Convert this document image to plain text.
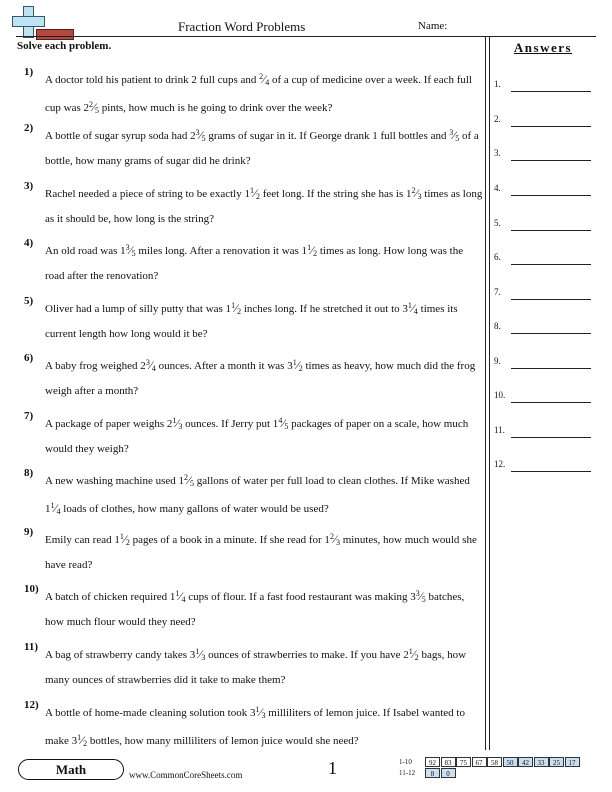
Fraction Word Problems	Name:
Solve each problem.	Answers
1)
A doctor told his patient to drink 2 full cups and $^2$⁄4 of a cup of medicine over a week. If each full cup was $2^2⁄5$ pints, how much is he going to drink over the week?
2)
A bottle of sugar syrup soda had $2^3⁄5$ grams of sugar in it. If George drank 1 full bottles and $^3$⁄5 of a bottle, how many grams of sugar did he drink?
3)
Rachel needed a piece of string to be exactly $1^1⁄2$ feet long. If the string she has is $1^2⁄3$ times as long as it should be, how long is the string?
4)
An old road was $1^3⁄5$ miles long. After a renovation it was $1^1⁄2$ times as long. How long was the road after the renovation?
5)
Oliver had a lump of silly putty that was $1^1⁄2$ inches long. If he stretched it out to $3^1⁄4$ times its current length how long would it be?
6)
A baby frog weighed $2^3⁄4$ ounces. After a month it was $3^1⁄2$ times as heavy, how much did the frog weigh after a month?
7)
A package of paper weighs $2^1⁄3$ ounces. If Jerry put $1^4⁄5$ packages of paper on a scale, how much would they weigh?
8)
A new washing machine used $1^2⁄5$ gallons of water per full load to clean clothes. If Mike washed $1^1⁄4$ loads of clothes, how many gallons of water would be used?
9)
Emily can read $1^1⁄2$ pages of a book in a minute. If she read for $1^2⁄3$ minutes, how much would she have read?
10)
A batch of chicken required $1^1⁄4$ cups of flour. If a fast food restaurant was making $3^3⁄5$ batches, how much flour would they need?
11)
A bag of strawberry candy takes $3^1⁄3$ ounces of strawberries to make. If you have $2^1⁄2$ bags, how many ounces of strawberries did it take to make them?
12)
A bottle of home-made cleaning solution took $3^1⁄3$ milliliters of lemon juice. If Isabel wanted to make $3^1⁄2$ bottles, how many milliliters of lemon juice would she need?
1.
2.
3.
4.
5.
6.
7.
8.
9.
10.
11.
12.
Math	www.CommonCoreSheets.com	1	1-10	92	83	75	67	58	50	42	33	25	17
11-12	8	0
